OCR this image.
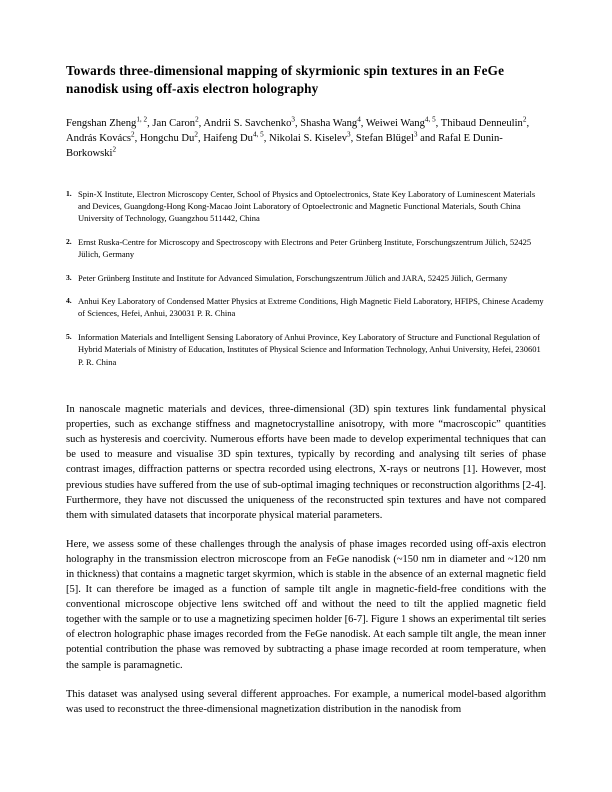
Towards three-dimensional mapping of skyrmionic spin textures in an FeGe nanodisk using off-axis electron holography
Fengshan Zheng$^{1, 2}$, Jan Caron$^2$, Andrii S. Savchenko$^3$, Shasha Wang$^4$, Weiwei Wang$^{4, 5}$, Thibaud Denneulin$^2$, András Kovács$^2$, Hongchu Du$^2$, Haifeng Du$^{4, 5}$, Nikolai S. Kiselev$^3$, Stefan Blügel$^3$ and Rafal E Dunin-Borkowski$^2$
1. Spin-X Institute, Electron Microscopy Center, School of Physics and Optoelectronics, State Key Laboratory of Luminescent Materials and Devices, Guangdong-Hong Kong-Macao Joint Laboratory of Optoelectronic and Magnetic Functional Materials, South China University of Technology, Guangzhou 511442, China
2. Ernst Ruska-Centre for Microscopy and Spectroscopy with Electrons and Peter Grünberg Institute, Forschungszentrum Jülich, 52425 Jülich, Germany
3. Peter Grünberg Institute and Institute for Advanced Simulation, Forschungszentrum Jülich and JARA, 52425 Jülich, Germany
4. Anhui Key Laboratory of Condensed Matter Physics at Extreme Conditions, High Magnetic Field Laboratory, HFIPS, Chinese Academy of Sciences, Hefei, Anhui, 230031 P. R. China
5. Information Materials and Intelligent Sensing Laboratory of Anhui Province, Key Laboratory of Structure and Functional Regulation of Hybrid Materials of Ministry of Education, Institutes of Physical Science and Information Technology, Anhui University, Hefei, 230601 P. R. China

In nanoscale magnetic materials and devices, three-dimensional (3D) spin textures link fundamental physical properties, such as exchange stiffness and magnetocrystalline anisotropy, with more “macroscopic” quantities such as hysteresis and coercivity. Numerous efforts have been made to develop experimental techniques that can be used to measure and visualise 3D spin textures, typically by recording and analysing tilt series of phase contrast images, diffraction patterns or spectra recorded using electrons, X-rays or neutrons [1]. However, most previous studies have suffered from the use of sub-optimal imaging techniques or reconstruction algorithms [2-4]. Furthermore, they have not discussed the uniqueness of the reconstructed spin textures and have not compared them with simulated datasets that incorporate physical material parameters.

Here, we assess some of these challenges through the analysis of phase images recorded using off-axis electron holography in the transmission electron microscope from an FeGe nanodisk (~150 nm in diameter and ~120 nm in thickness) that contains a magnetic target skyrmion, which is stable in the absence of an external magnetic field [5]. It can therefore be imaged as a function of sample tilt angle in magnetic-field-free conditions with the conventional microscope objective lens switched off and without the need to tilt the applied magnetic field together with the sample or to use a magnetizing specimen holder [6-7]. Figure 1 shows an experimental tilt series of electron holographic phase images recorded from the FeGe nanodisk. At each sample tilt angle, the mean inner potential contribution the phase was removed by subtracting a phase image recorded at room temperature, when the sample is paramagnetic.

This dataset was analysed using several different approaches. For example, a numerical model-based algorithm was used to reconstruct the three-dimensional magnetization distribution in the nanodisk from
